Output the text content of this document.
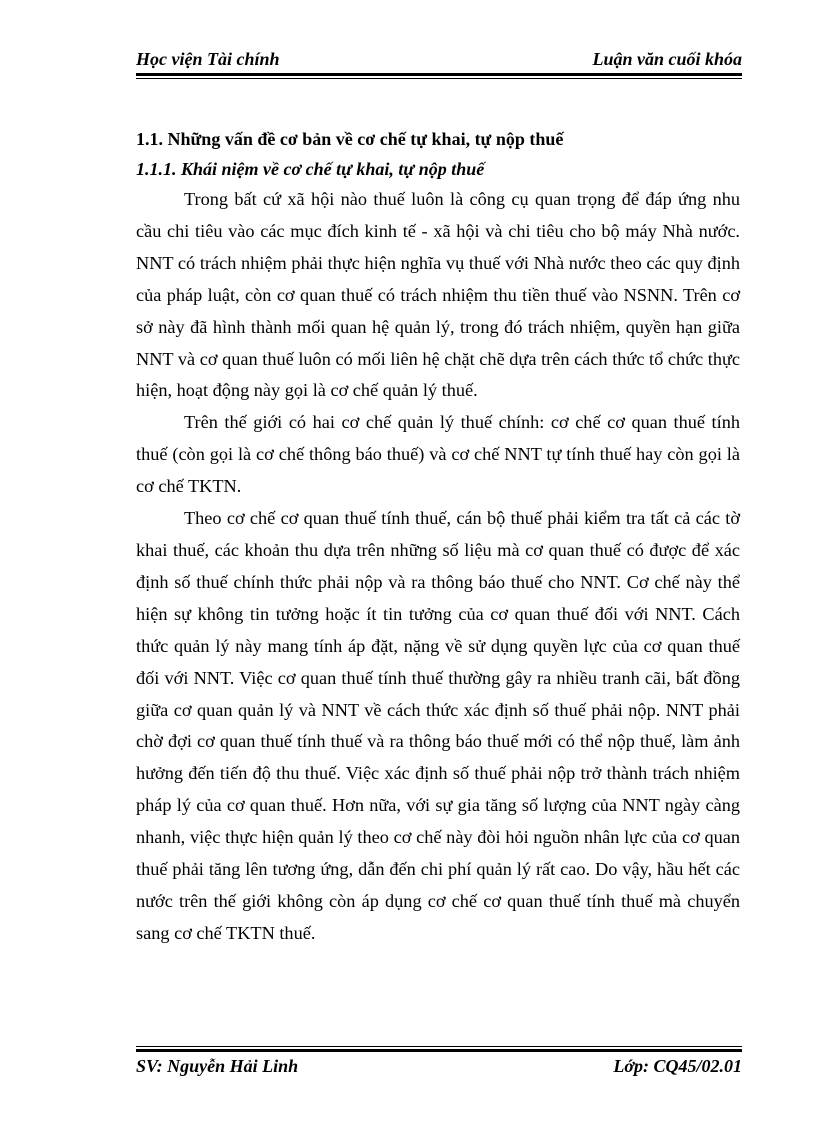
Học viện Tài chính	Luận văn cuối khóa
1.1. Những vấn đề cơ bản về cơ chế tự khai, tự nộp thuế
1.1.1. Khái niệm về cơ chế tự khai, tự nộp thuế

Trong bất cứ xã hội nào thuế luôn là công cụ quan trọng để đáp ứng nhu cầu chi tiêu vào các mục đích kinh tế - xã hội và chi tiêu cho bộ máy Nhà nước. NNT có trách nhiệm phải thực hiện nghĩa vụ thuế với Nhà nước theo các quy định của pháp luật, còn cơ quan thuế có trách nhiệm thu tiền thuế vào NSNN. Trên cơ sở này đã hình thành mối quan hệ quản lý, trong đó trách nhiệm, quyền hạn giữa NNT và cơ quan thuế luôn có mối liên hệ chặt chẽ dựa trên cách thức tổ chức thực hiện, hoạt động này gọi là cơ chế quản lý thuế.

Trên thế giới có hai cơ chế quản lý thuế chính: cơ chế cơ quan thuế tính thuế (còn gọi là cơ chế thông báo thuế) và cơ chế NNT tự tính thuế hay còn gọi là cơ chế TKTN.

Theo cơ chế cơ quan thuế tính thuế, cán bộ thuế phải kiểm tra tất cả các tờ khai thuế, các khoản thu dựa trên những số liệu mà cơ quan thuế có được để xác định số thuế chính thức phải nộp và ra thông báo thuế cho NNT. Cơ chế này thể hiện sự không tin tưởng hoặc ít tin tưởng của cơ quan thuế đối với NNT. Cách thức quản lý này mang tính áp đặt, nặng về sử dụng quyền lực của cơ quan thuế đối với NNT. Việc cơ quan thuế tính thuế thường gây ra nhiều tranh cãi, bất đồng giữa cơ quan quản lý và NNT về cách thức xác định số thuế phải nộp. NNT phải chờ đợi cơ quan thuế tính thuế và ra thông báo thuế mới có thể nộp thuế, làm ảnh hưởng đến tiến độ thu thuế. Việc xác định số thuế phải nộp trở thành trách nhiệm pháp lý của cơ quan thuế. Hơn nữa, với sự gia tăng số lượng của NNT ngày càng nhanh, việc thực hiện quản lý theo cơ chế này đòi hỏi nguồn nhân lực của cơ quan thuế phải tăng lên tương ứng, dẫn đến chi phí quản lý rất cao. Do vậy, hầu hết các nước trên thế giới không còn áp dụng cơ chế cơ quan thuế tính thuế mà chuyển sang cơ chế TKTN thuế.

SV: Nguyễn Hải Linh	Lớp: CQ45/02.01
